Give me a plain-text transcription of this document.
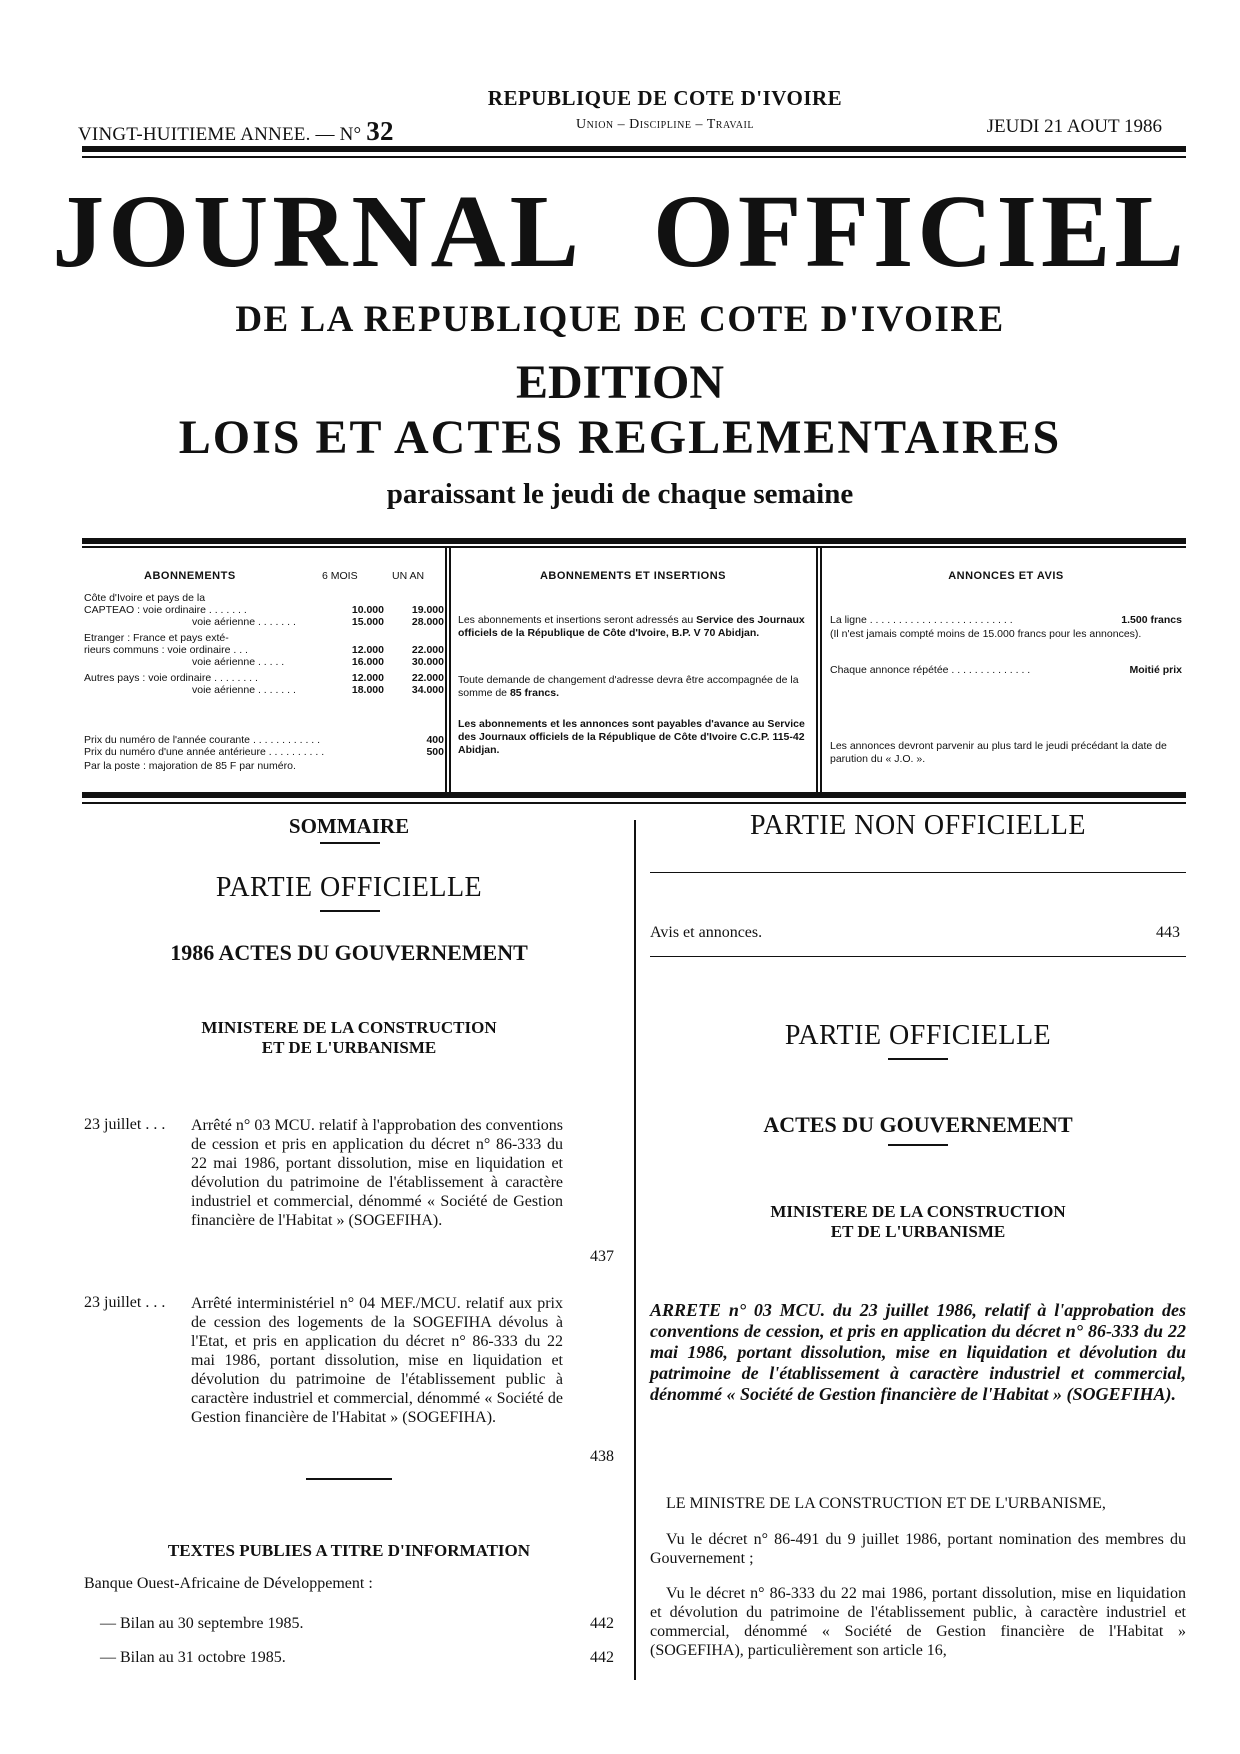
VINGT-HUITIEME ANNEE. — N° 32
REPUBLIQUE DE COTE D'IVOIRE
Union – Discipline – Travail	JEUDI 21 AOUT 1986
JOURNAL OFFICIEL
DE LA REPUBLIQUE DE COTE D'IVOIRE
EDITION
LOIS ET ACTES REGLEMENTAIRES
paraissant le jeudi de chaque semaine
ABONNEMENTS	6 MOIS	UN AN
Côte d'Ivoire et pays de la
CAPTEAO : voie ordinaire . . . . . . .	10.000	19.000
voie aérienne . . . . . . .	15.000	28.000
Etranger : France et pays exté-
rieurs communs : voie ordinaire . . .	12.000	22.000
voie aérienne . . . . .	16.000	30.000
Autres pays : voie ordinaire . . . . . . . .	12.000	22.000
voie aérienne . . . . . . .	18.000	34.000
Prix du numéro de l'année courante . . . . . . . . . . . .	400
Prix du numéro d'une année antérieure . . . . . . . . . .	500
Par la poste : majoration de 85 F par numéro.
ABONNEMENTS ET INSERTIONS
Les abonnements et insertions seront adressés au Service des Journaux officiels de la République de Côte d'Ivoire, B.P. V 70 Abidjan.
Toute demande de changement d'adresse devra être accompagnée de la somme de 85 francs.
Les abonnements et les annonces sont payables d'avance au Service des Journaux officiels de la République de Côte d'Ivoire C.C.P. 115-42 Abidjan.
ANNONCES ET AVIS
La ligne . . . . . . . . . . . . . . . . . . . . . . . . .	1.500 francs
(Il n'est jamais compté moins de 15.000 francs pour les annonces).
Chaque annonce répétée . . . . . . . . . . . . . .	Moitié prix
Les annonces devront parvenir au plus tard le jeudi précédant la date de parution du « J.O. ».
SOMMAIRE
PARTIE OFFICIELLE
1986 ACTES DU GOUVERNEMENT
MINISTERE DE LA CONSTRUCTION
ET DE L'URBANISME
23 juillet . . . Arrêté n° 03 MCU. relatif à l'approbation des conventions de cession et pris en application du décret n° 86-333 du 22 mai 1986, portant dissolution, mise en liquidation et dévolution du patrimoine de l'établissement à caractère industriel et commercial, dénommé « Société de Gestion financière de l'Habitat » (SOGEFIHA).
437
23 juillet . . . Arrêté interministériel n° 04 MEF./MCU. relatif aux prix de cession des logements de la SOGEFIHA dévolus à l'Etat, et pris en application du décret n° 86-333 du 22 mai 1986, portant dissolution, mise en liquidation et dévolution du patrimoine de l'établissement public à caractère industriel et commercial, dénommé « Société de Gestion financière de l'Habitat » (SOGEFIHA).
438
TEXTES PUBLIES A TITRE D'INFORMATION
Banque Ouest-Africaine de Développement :
— Bilan au 30 septembre 1985.	442
— Bilan au 31 octobre 1985.	442
PARTIE NON OFFICIELLE
Avis et annonces.	443
PARTIE OFFICIELLE
ACTES DU GOUVERNEMENT
MINISTERE DE LA CONSTRUCTION
ET DE L'URBANISME
ARRETE n° 03 MCU. du 23 juillet 1986, relatif à l'approbation des conventions de cession, et pris en application du décret n° 86-333 du 22 mai 1986, portant dissolution, mise en liquidation et dévolution du patrimoine de l'établissement à caractère industriel et commercial, dénommé « Société de Gestion financière de l'Habitat » (SOGEFIHA).
LE MINISTRE DE LA CONSTRUCTION ET DE L'URBANISME,
Vu le décret n° 86-491 du 9 juillet 1986, portant nomination des membres du Gouvernement ;
Vu le décret n° 86-333 du 22 mai 1986, portant dissolution, mise en liquidation et dévolution du patrimoine de l'établissement public, à caractère industriel et commercial, dénommé « Société de Gestion financière de l'Habitat » (SOGEFIHA), particulièrement son article 16,
